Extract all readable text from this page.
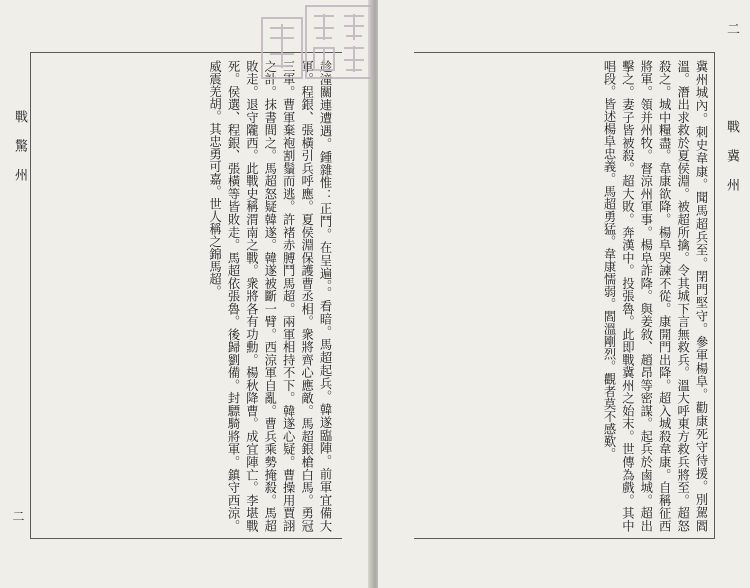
戰 驚 州
二	趁潼關連遭遇。鍾雜惟：正鬥。在呈遍。。看暗。馬超起兵。韓遂臨陣。前軍宜備大軍。程銀、張橫引兵呼應。夏侯淵保護曹丞相。衆將齊心應敵。馬超銀槍白馬。勇冠三軍。曹軍棄袍割鬚而逃。許褚赤膊鬥馬超。兩軍相持不下。韓遂心疑。曹操用賈詡之計。抹書間之。馬超怒疑韓遂。韓遂被斷一臂。西涼軍自亂。曹兵乘勢掩殺。馬超敗走。退守隴西。此戰史稱渭南之戰。衆將各有功勳。楊秋降曹。成宜陣亡。李堪戰死。侯選、程銀、張橫等皆敗走。馬超依張魯。後歸劉備。封驃騎將軍。鎮守西涼。威震羌胡。其忠勇可嘉。世人稱之錦馬超。

二
戰 冀 州

冀州城內。刺史韋康。聞馬超兵至。閉門堅守。參軍楊阜。勸康死守待援。別駕閻溫。潛出求救於夏侯淵。被超所擒。令其城下言無救兵。溫大呼東方救兵將至。超怒殺之。城中糧盡。韋康欲降。楊阜哭諫不從。康開門出降。超入城殺韋康。自稱征西將軍。領并州牧。督涼州軍事。楊阜詐降。與姜敘、趙昂等密謀。起兵於鹵城。超出擊之。妻子皆被殺。超大敗。奔漢中。投張魯。此即戰冀州之始末。世傳為戲。其中唱段。皆述楊阜忠義。馬超勇猛。韋康懦弱。閻溫剛烈。觀者莫不感歎。
